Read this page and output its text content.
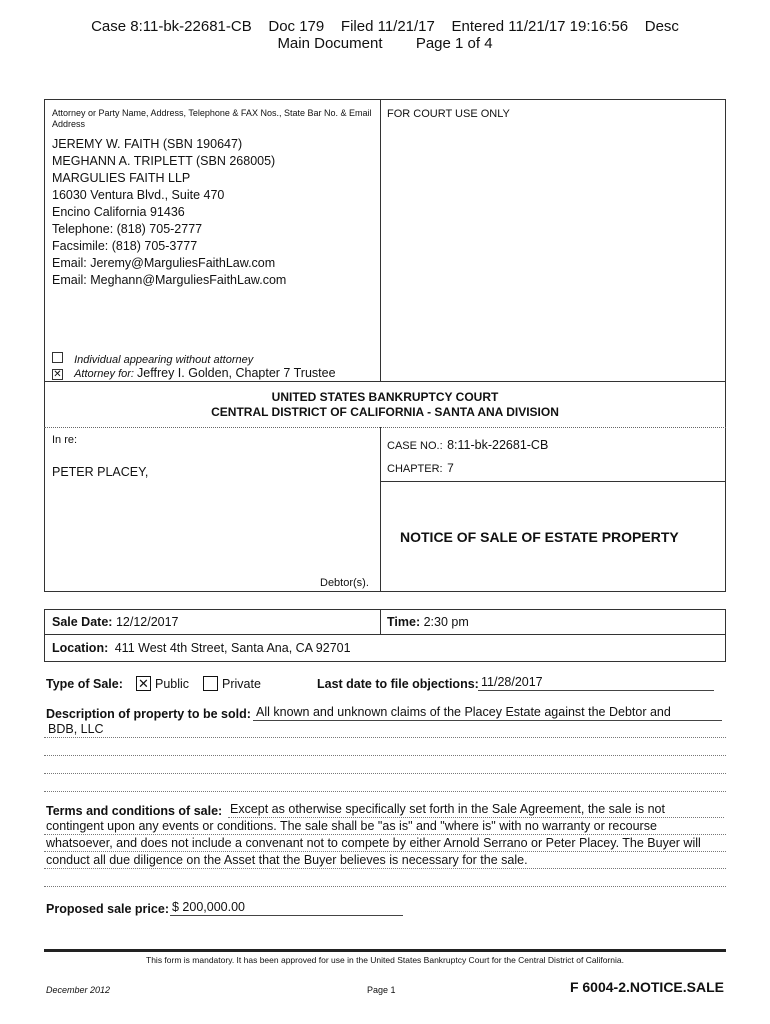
Case 8:11-bk-22681-CB    Doc 179    Filed 11/21/17    Entered 11/21/17 19:16:56    Desc
Main Document        Page 1 of 4
Attorney or Party Name, Address, Telephone & FAX Nos., State Bar No. & Email Address
JEREMY W. FAITH (SBN 190647)
MEGHANN A. TRIPLETT (SBN 268005)
MARGULIES FAITH LLP
16030 Ventura Blvd., Suite 470
Encino California 91436
Telephone: (818) 705-2777
Facsimile: (818) 705-3777
Email: Jeremy@MarguliesFaithLaw.com
Email: Meghann@MarguliesFaithLaw.com
Individual appearing without attorney
✕ Attorney for: Jeffrey I. Golden, Chapter 7 Trustee
FOR COURT USE ONLY
UNITED STATES BANKRUPTCY COURT
CENTRAL DISTRICT OF CALIFORNIA - SANTA ANA DIVISION
In re:
PETER PLACEY,
Debtor(s).
CASE NO.: 8:11-bk-22681-CB
CHAPTER: 7
NOTICE OF SALE OF ESTATE PROPERTY
Sale Date: 12/12/2017	Time: 2:30 pm
Location: 411 West 4th Street, Santa Ana, CA 92701
Type of Sale: ✕ Public	Private	Last date to file objections: 11/28/2017
Description of property to be sold: All known and unknown claims of the Placey Estate against the Debtor and
BDB, LLC
Terms and conditions of sale: Except as otherwise specifically set forth in the Sale Agreement, the sale is not
contingent upon any events or conditions. The sale shall be "as is" and "where is" with no warranty or recourse
whatsoever, and does not include a convenant not to compete by either Arnold Serrano or Peter Placey. The Buyer will
conduct all due diligence on the Asset that the Buyer believes is necessary for the sale.
Proposed sale price: $ 200,000.00
This form is mandatory. It has been approved for use in the United States Bankruptcy Court for the Central District of California.
December 2012	Page 1	F 6004-2.NOTICE.SALE
